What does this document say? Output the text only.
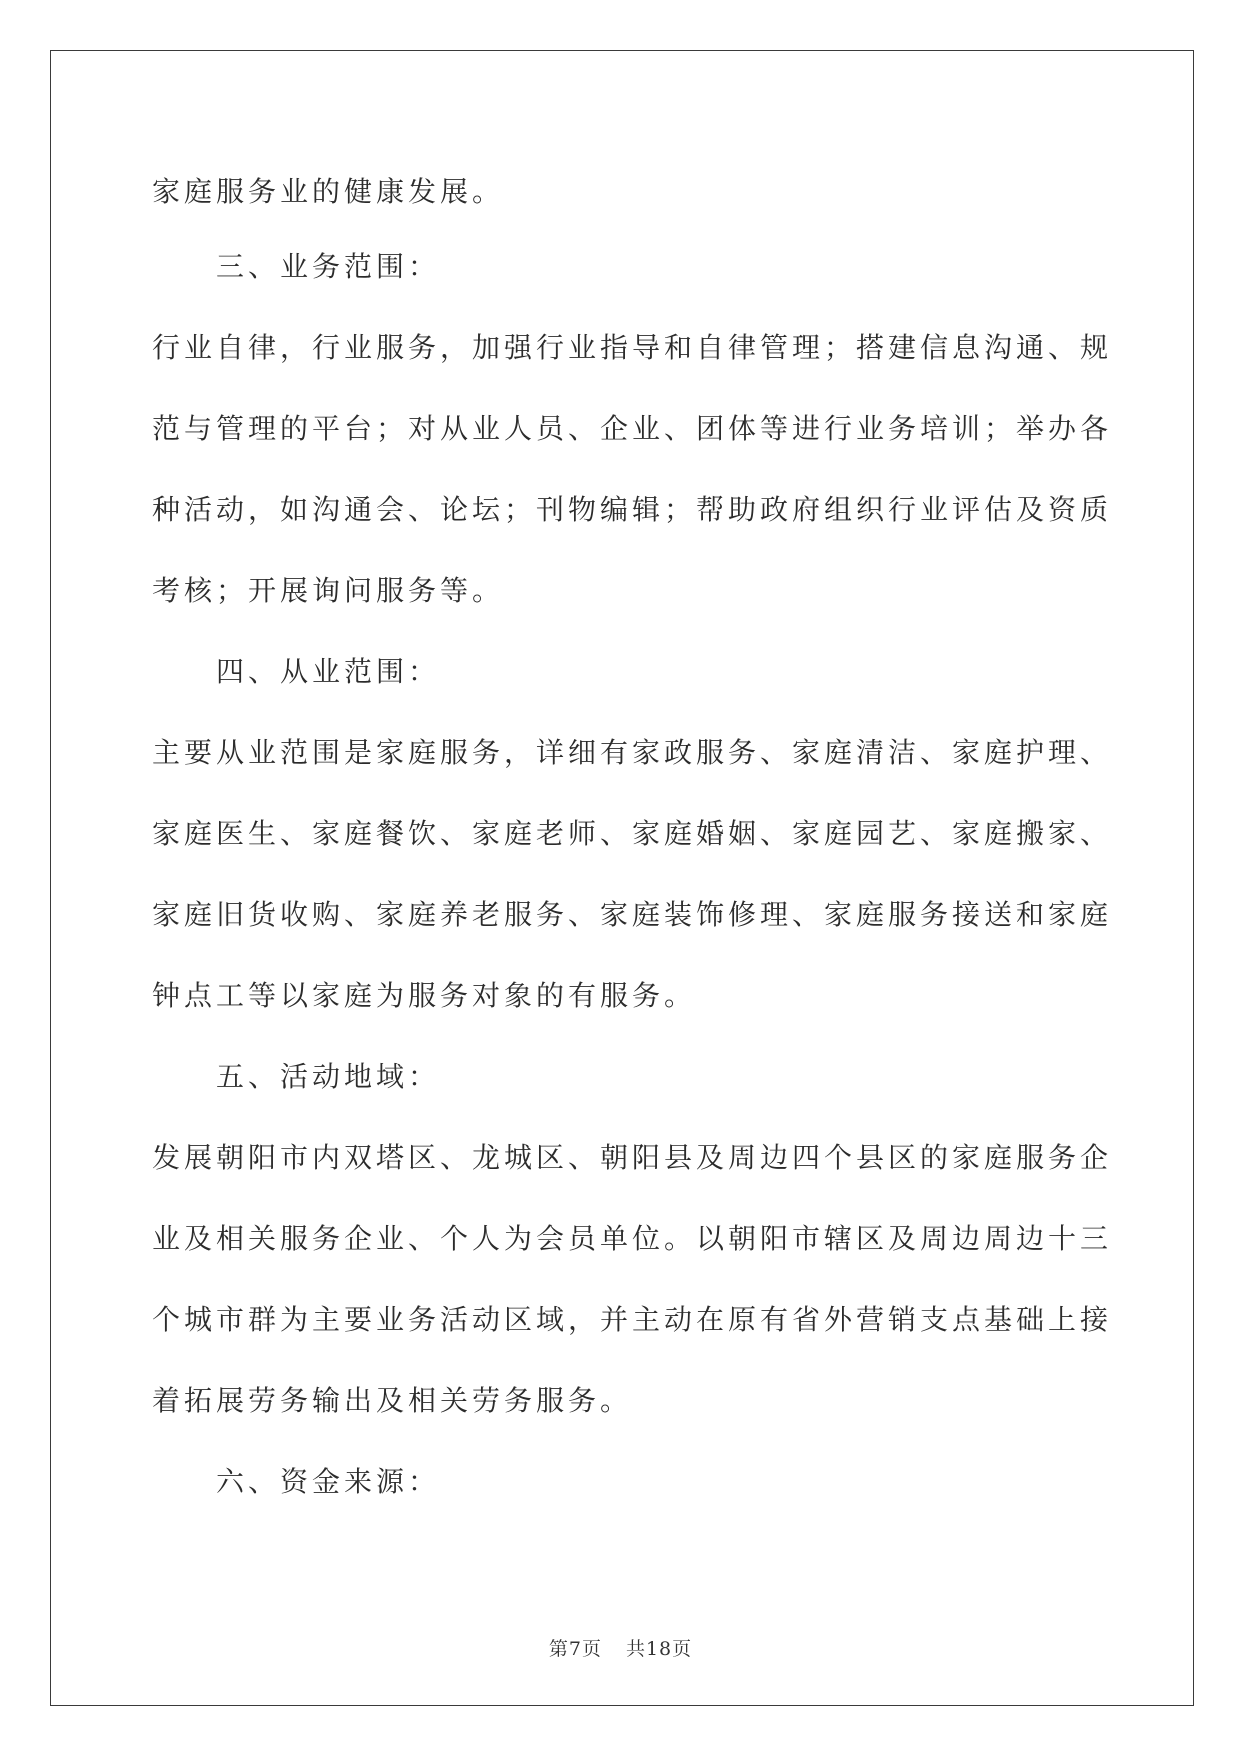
家庭服务业的健康发展。
三、业务范围：
行业自律，行业服务，加强行业指导和自律管理；搭建信息沟通、规
范与管理的平台；对从业人员、企业、团体等进行业务培训；举办各
种活动，如沟通会、论坛；刊物编辑；帮助政府组织行业评估及资质
考核；开展询问服务等。
四、从业范围：
主要从业范围是家庭服务，详细有家政服务、家庭清洁、家庭护理、
家庭医生、家庭餐饮、家庭老师、家庭婚姻、家庭园艺、家庭搬家、
家庭旧货收购、家庭养老服务、家庭装饰修理、家庭服务接送和家庭
钟点工等以家庭为服务对象的有服务。
五、活动地域：
发展朝阳市内双塔区、龙城区、朝阳县及周边四个县区的家庭服务企
业及相关服务企业、个人为会员单位。以朝阳市辖区及周边周边十三
个城市群为主要业务活动区域，并主动在原有省外营销支点基础上接
着拓展劳务输出及相关劳务服务。
六、资金来源：
第7页 共18页
